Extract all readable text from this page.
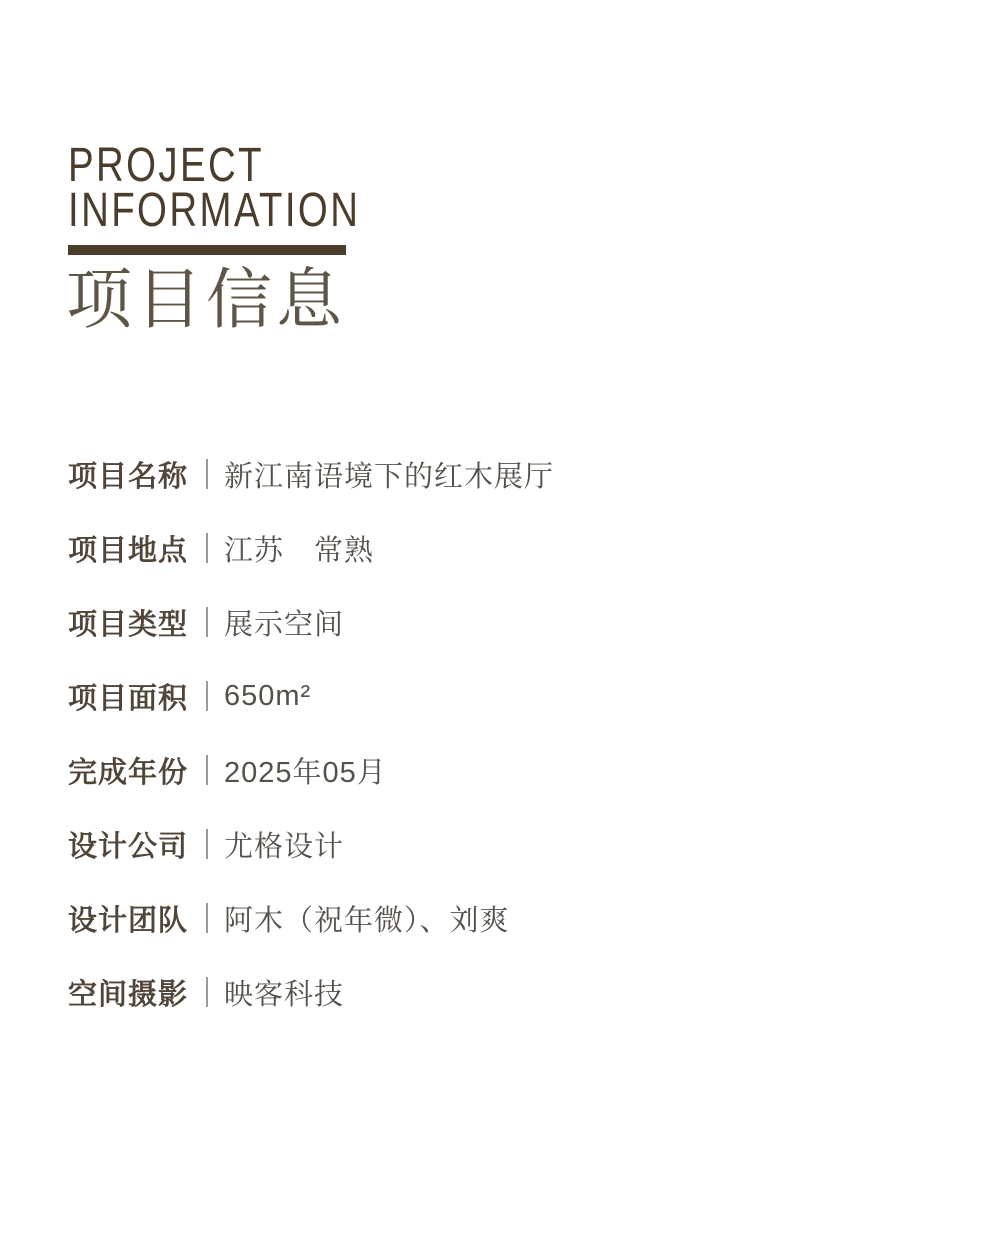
PROJECT
INFORMATION
项目信息
项目名称	新江南语境下的红木展厅
项目地点	江苏　常熟
项目类型	展示空间
项目面积	650m²
完成年份	2025年05月
设计公司	尤格设计
设计团队	阿木（祝年微）、刘爽
空间摄影	映客科技
